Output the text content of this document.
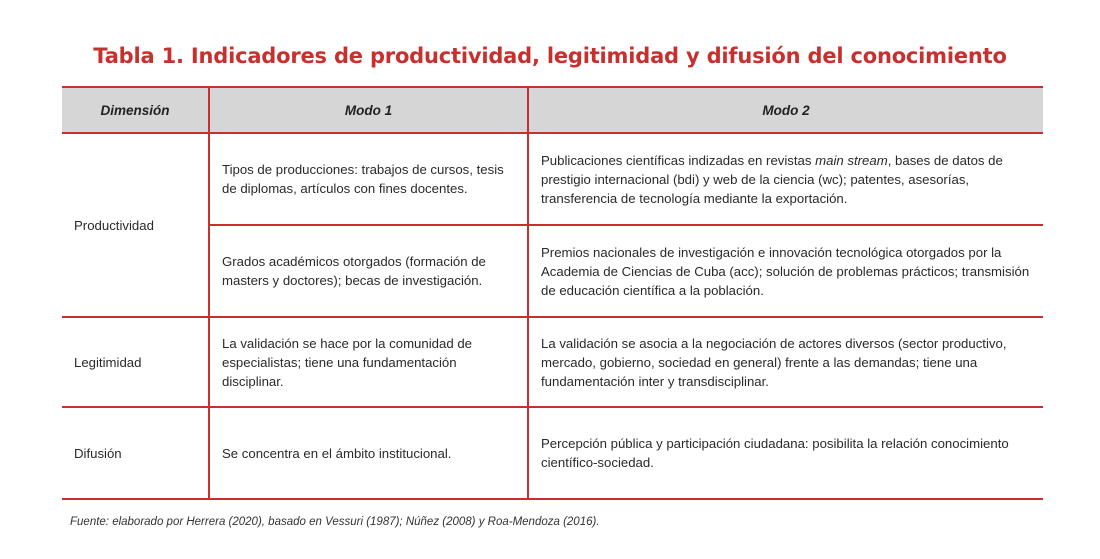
Tabla 1. Indicadores de productividad, legitimidad y difusión del conocimiento
Dimensión	Modo 1	Modo 2
Productividad	Tipos de producciones: trabajos de cursos, tesis de diplomas, artículos con fines docentes.	Publicaciones científicas indizadas en revistas main stream, bases de datos de prestigio internacional (bdi) y web de la ciencia (wc); patentes, asesorías, transferencia de tecnología mediante la exportación.
	Grados académicos otorgados (formación de masters y doctores); becas de investigación.	Premios nacionales de investigación e innovación tecnológica otorgados por la Academia de Ciencias de Cuba (acc); solución de problemas prácticos; transmisión de educación científica a la población.
Legitimidad	La validación se hace por la comunidad de especialistas; tiene una fundamentación disciplinar.	La validación se asocia a la negociación de actores diversos (sector productivo, mercado, gobierno, sociedad en general) frente a las demandas; tiene una fundamentación inter y transdisciplinar.
Difusión	Se concentra en el ámbito institucional.	Percepción pública y participación ciudadana: posibilita la relación conocimiento científico-sociedad.
Fuente: elaborado por Herrera (2020), basado en Vessuri (1987); Núñez (2008) y Roa-Mendoza (2016).
